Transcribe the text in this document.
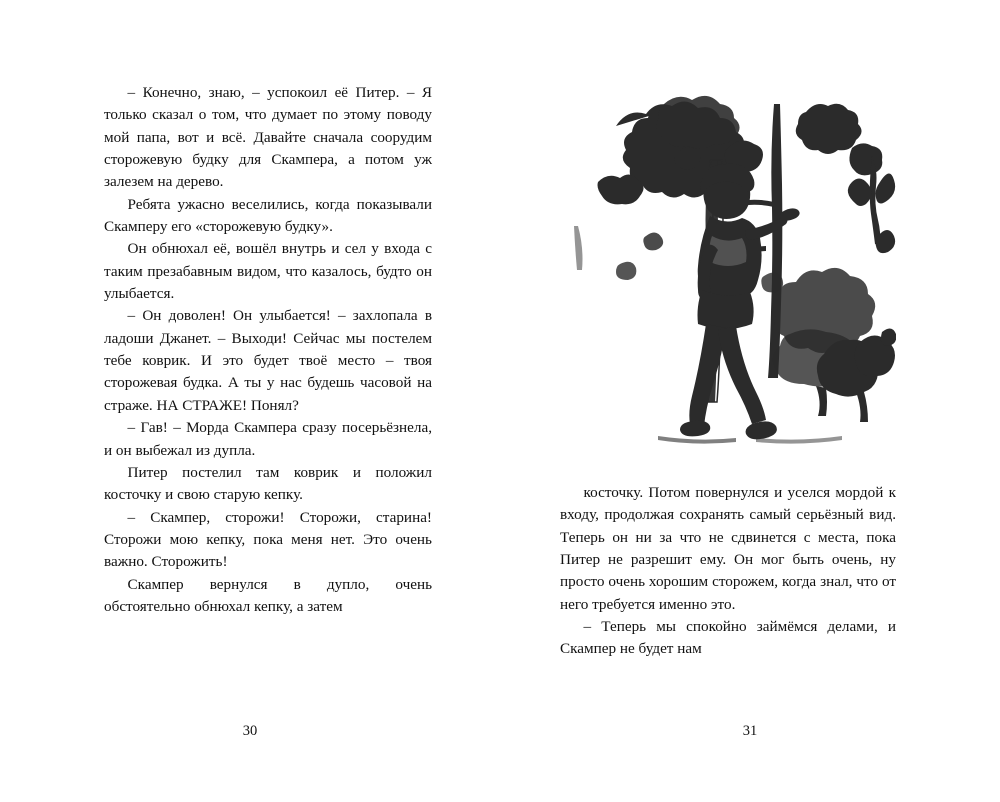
– Конечно, знаю, – успокоил её Питер. – Я только сказал о том, что думает по этому поводу мой папа, вот и всё. Давайте сначала соорудим сторожевую будку для Скампера, а потом уж залезем на дерево.

Ребята ужасно веселились, когда показывали Скамперу его «сторожевую будку».

Он обнюхал её, вошёл внутрь и сел у входа с таким презабавным видом, что казалось, будто он улыбается.

– Он доволен! Он улыбается! – захлопала в ладоши Джанет. – Выходи! Сейчас мы постелем тебе коврик. И это будет твоё место – твоя сторожевая будка. А ты у нас будешь часовой на страже. НА СТРАЖЕ! Понял?

– Гав! – Морда Скампера сразу посерьёзнела, и он выбежал из дупла.

Питер постелил там коврик и положил косточку и свою старую кепку.

– Скампер, сторожи! Сторожи, старина! Сторожи мою кепку, пока меня нет. Это очень важно. Сторожить!

Скампер вернулся в дупло, очень обстоятельно обнюхал кепку, а затем

30

косточку. Потом повернулся и уселся мордой к входу, продолжая сохранять самый серьёзный вид. Теперь он ни за что не сдвинется с места, пока Питер не разрешит ему. Он мог быть очень, ну просто очень хорошим сторожем, когда знал, что от него требуется именно это.

– Теперь мы спокойно займёмся делами, и Скампер не будет нам

31
